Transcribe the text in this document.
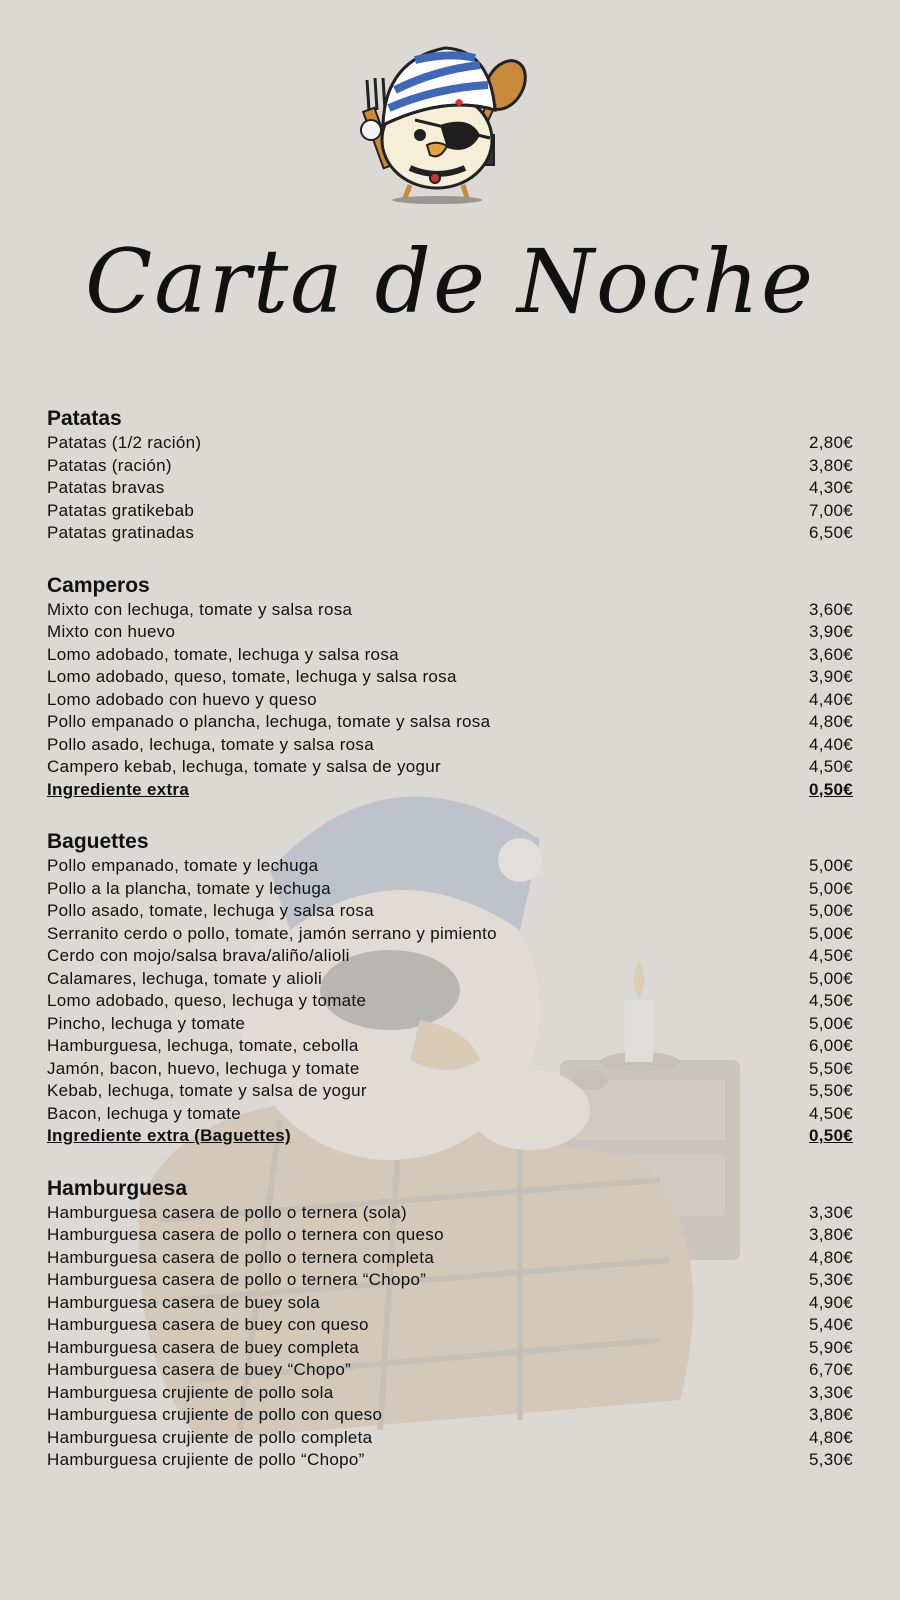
Carta de Noche
Patatas
Patatas (1/2 ración)	2,80€
Patatas (ración)	3,80€
Patatas bravas	4,30€
Patatas gratikebab	7,00€
Patatas gratinadas	6,50€
Camperos
Mixto con lechuga, tomate y salsa rosa	3,60€
Mixto con huevo	3,90€
Lomo adobado, tomate, lechuga y salsa rosa	3,60€
Lomo adobado, queso, tomate, lechuga y salsa rosa	3,90€
Lomo adobado con huevo y queso	4,40€
Pollo empanado o plancha, lechuga, tomate y salsa rosa	4,80€
Pollo asado, lechuga, tomate y salsa rosa	4,40€
Campero kebab, lechuga, tomate y salsa de yogur	4,50€
Ingrediente extra	0,50€
Baguettes
Pollo empanado, tomate y lechuga	5,00€
Pollo a la plancha, tomate y lechuga	5,00€
Pollo asado, tomate, lechuga y salsa rosa	5,00€
Serranito cerdo o pollo, tomate, jamón serrano y pimiento	5,00€
Cerdo con mojo/salsa brava/aliño/alioli	4,50€
Calamares, lechuga, tomate y alioli	5,00€
Lomo adobado, queso, lechuga y tomate	4,50€
Pincho, lechuga y tomate	5,00€
Hamburguesa, lechuga, tomate, cebolla	6,00€
Jamón, bacon, huevo, lechuga y tomate	5,50€
Kebab, lechuga, tomate y salsa de yogur	5,50€
Bacon, lechuga y tomate	4,50€
Ingrediente extra (Baguettes)	0,50€
Hamburguesa
Hamburguesa casera de pollo o ternera (sola)	3,30€
Hamburguesa casera de pollo o ternera con queso	3,80€
Hamburguesa casera de pollo o ternera completa	4,80€
Hamburguesa casera de pollo o ternera “Chopo”	5,30€
Hamburguesa casera de buey sola	4,90€
Hamburguesa casera de buey con queso	5,40€
Hamburguesa casera de buey completa	5,90€
Hamburguesa casera de buey “Chopo”	6,70€
Hamburguesa crujiente de pollo sola	3,30€
Hamburguesa crujiente de pollo con queso	3,80€
Hamburguesa crujiente de pollo completa	4,80€
Hamburguesa crujiente de pollo “Chopo”	5,30€
